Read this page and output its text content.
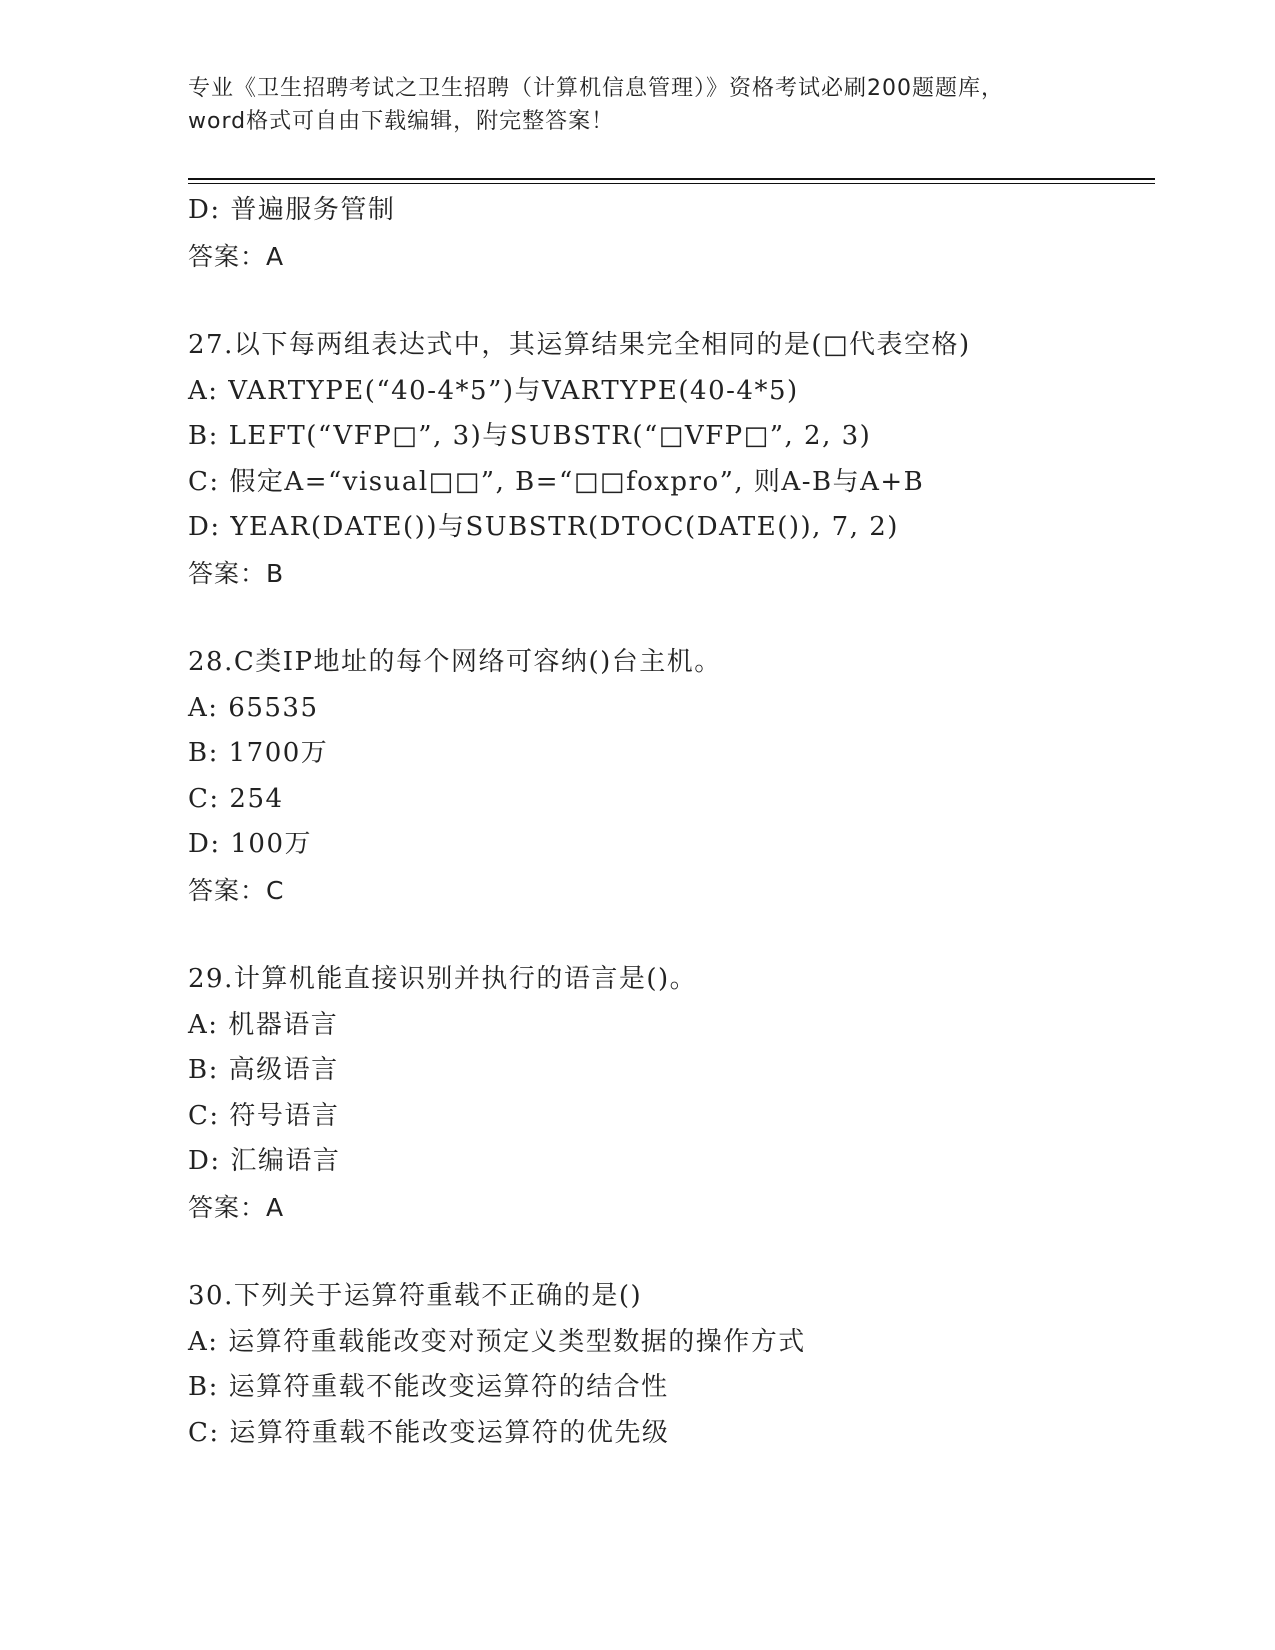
专业《卫生招聘考试之卫生招聘（计算机信息管理）》资格考试必刷200题题库，
word格式可自由下载编辑，附完整答案！
D: 普遍服务管制
答案：A
27.以下每两组表达式中，其运算结果完全相同的是(□代表空格)
A: VARTYPE(“40-4*5”)与VARTYPE(40-4*5)
B: LEFT(“VFP□”, 3)与SUBSTR(“□VFP□”, 2, 3)
C: 假定A=“visual□□”, B=“□□foxpro”, 则A-B与A+B
D: YEAR(DATE())与SUBSTR(DTOC(DATE()), 7, 2)
答案：B
28.C类IP地址的每个网络可容纳()台主机。
A: 65535
B: 1700万
C: 254
D: 100万
答案：C
29.计算机能直接识别并执行的语言是()。
A: 机器语言
B: 高级语言
C: 符号语言
D: 汇编语言
答案：A
30.下列关于运算符重载不正确的是()
A: 运算符重载能改变对预定义类型数据的操作方式
B: 运算符重载不能改变运算符的结合性
C: 运算符重载不能改变运算符的优先级
